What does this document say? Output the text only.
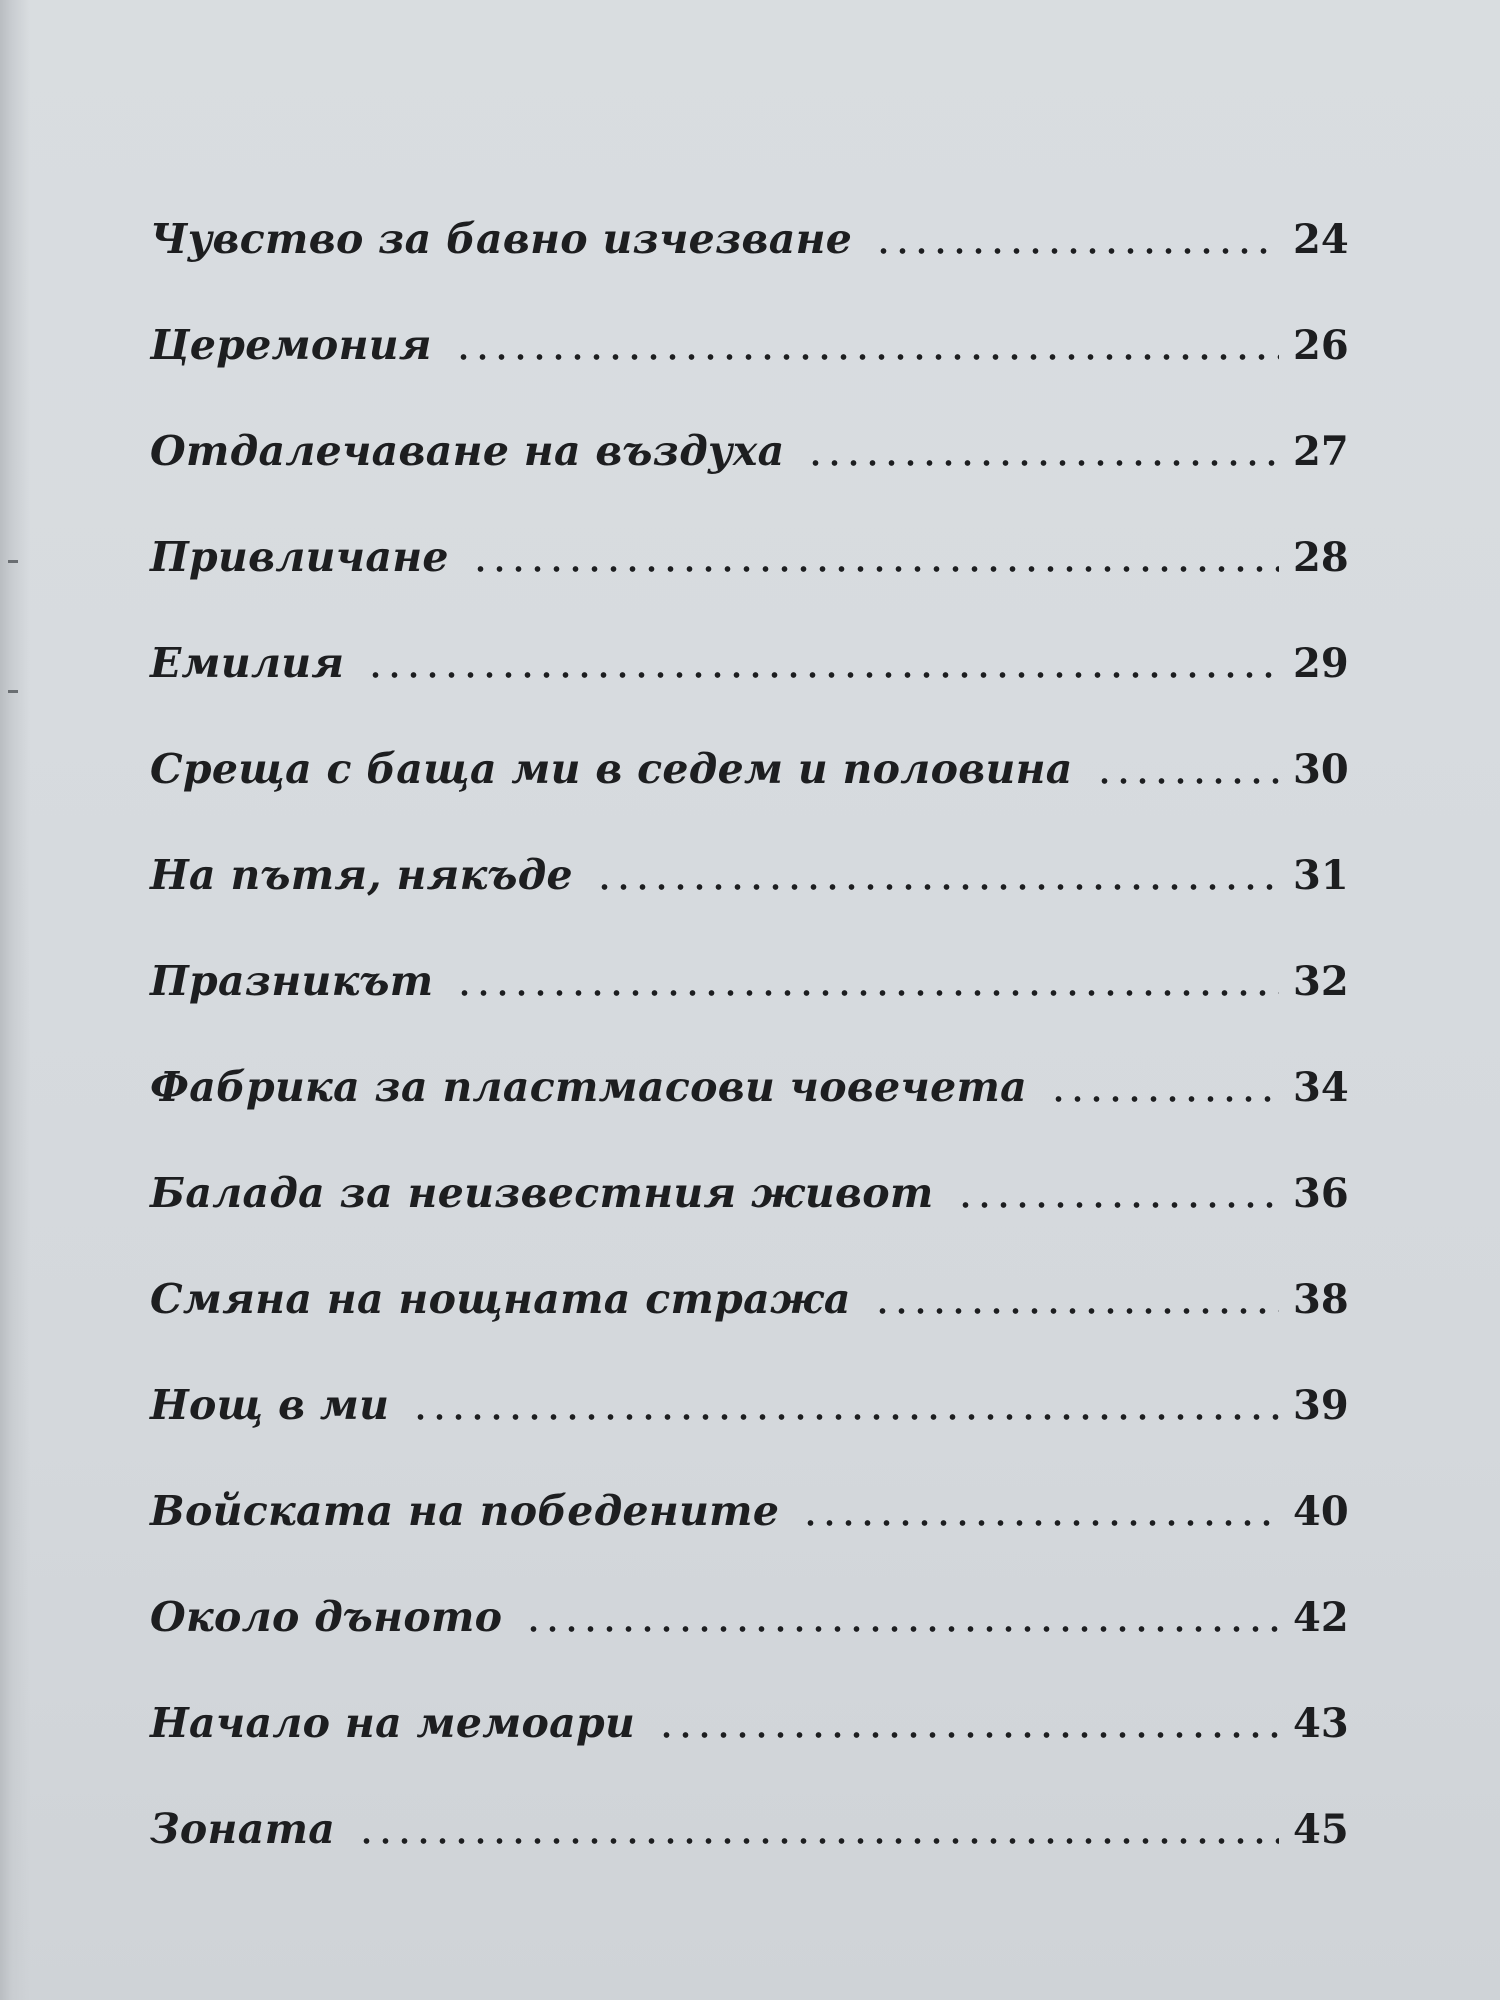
Чувство за бавно изчезване	24
Церемония	26
Отдалечаване на въздуха	27
Привличане	28
Емилия	29
Среща с баща ми в седем и половина	30
На пътя, някъде	31
Празникът	32
Фабрика за пластмасови човечета	34
Балада за неизвестния живот	36
Смяна на нощната стража	38
Нощ в ми	39
Войската на победените	40
Около дъното	42
Начало на мемоари	43
Зоната	45
